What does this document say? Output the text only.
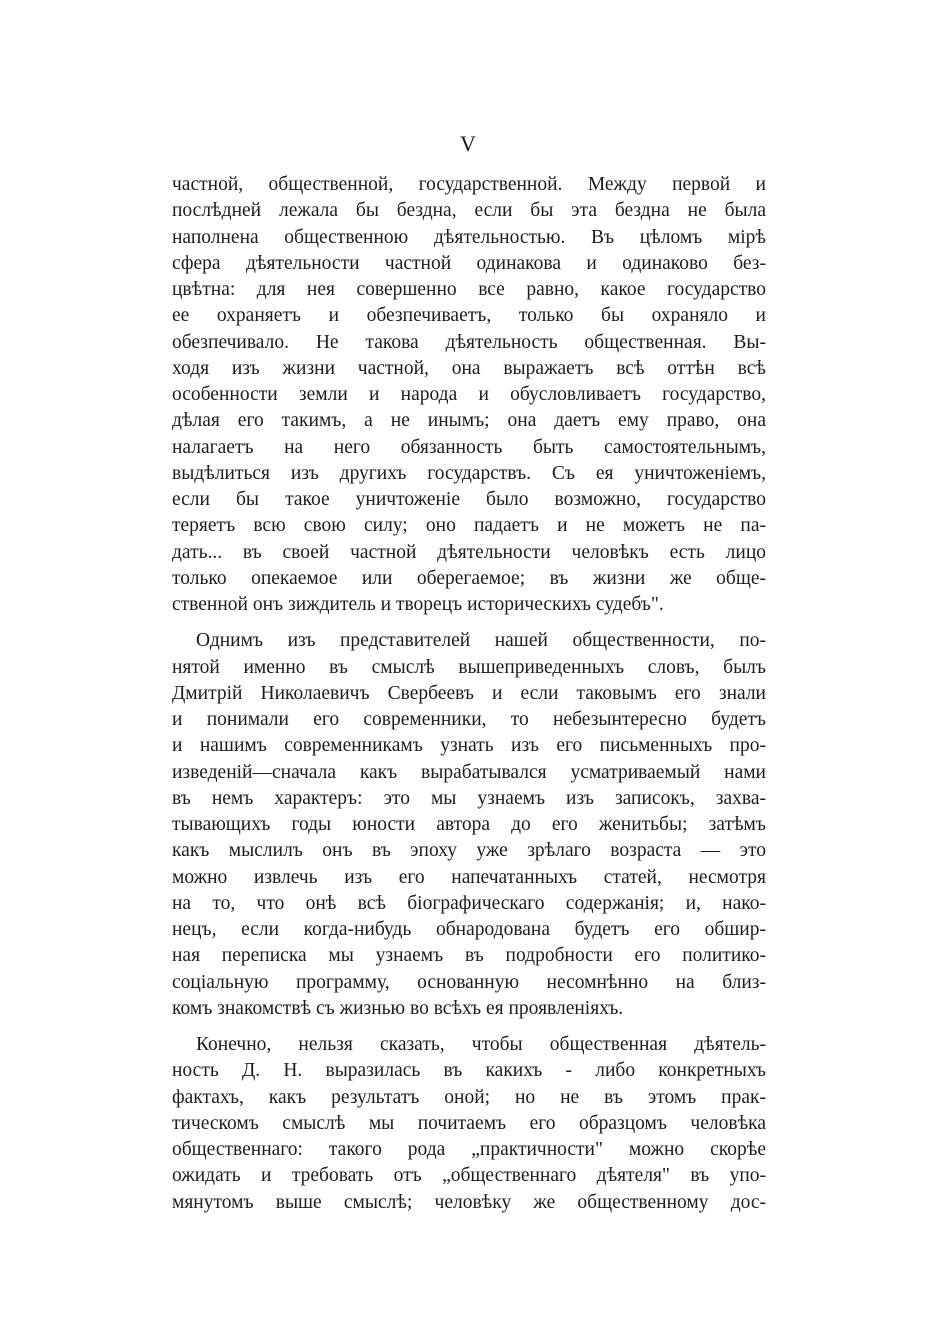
V
частной, общественной, государственной. Между первой и
послѣдней лежала бы бездна, если бы эта бездна не была
наполнена общественною дѣятельностью. Въ цѣломъ мірѣ
сфера дѣятельности частной одинакова и одинаково без-
цвѣтна: для нея совершенно все равно, какое государство
ее охраняетъ и обезпечиваетъ, только бы охраняло и
обезпечивало. Не такова дѣятельность общественная. Вы-
ходя изъ жизни частной, она выражаетъ всѣ оттѣн всѣ
особенности земли и народа и обусловливаетъ государство,
дѣлая его такимъ, а не инымъ; она даетъ ему право, она
налагаетъ на него обязанность быть самостоятельнымъ,
выдѣлиться изъ другихъ государствъ. Съ ея уничтоженіемъ,
если бы такое уничтоженіе было возможно, государство
теряетъ всю свою силу; оно падаетъ и не можетъ не па-
дать... въ своей частной дѣятельности человѣкъ есть лицо
только опекаемое или оберегаемое; въ жизни же обще-
ственной онъ зиждитель и творецъ историческихъ судебъ".
Однимъ изъ представителей нашей общественности, по-
нятой именно въ смыслѣ вышеприведенныхъ словъ, былъ
Дмитрій Николаевичъ Свербеевъ и если таковымъ его знали
и понимали его современники, то небезынтересно будетъ
и нашимъ современникамъ узнать изъ его письменныхъ про-
изведеній—сначала какъ вырабатывался усматриваемый нами
въ немъ характеръ: это мы узнаемъ изъ записокъ, захва-
тывающихъ годы юности автора до его женитьбы; затѣмъ
какъ мыслилъ онъ въ эпоху уже зрѣлаго возраста — это
можно извлечь изъ его напечатанныхъ статей, несмотря
на то, что онѣ всѣ біографическаго содержанія; и, нако-
нецъ, если когда-нибудь обнародована будетъ его обшир-
ная переписка мы узнаемъ въ подробности его политико-
соціальную программу, основанную несомнѣнно на близ-
комъ знакомствѣ съ жизнью во всѣхъ ея проявленіяхъ.
Конечно, нельзя сказать, чтобы общественная дѣятель-
ность Д. Н. выразилась въ какихъ - либо конкретныхъ
фактахъ, какъ результатъ оной; но не въ этомъ прак-
тическомъ смыслѣ мы почитаемъ его образцомъ человѣка
общественнаго: такого рода „практичности" можно скорѣе
ожидать и требовать отъ „общественнаго дѣятеля" въ упо-
мянутомъ выше смыслѣ; человѣку же общественному дос-
